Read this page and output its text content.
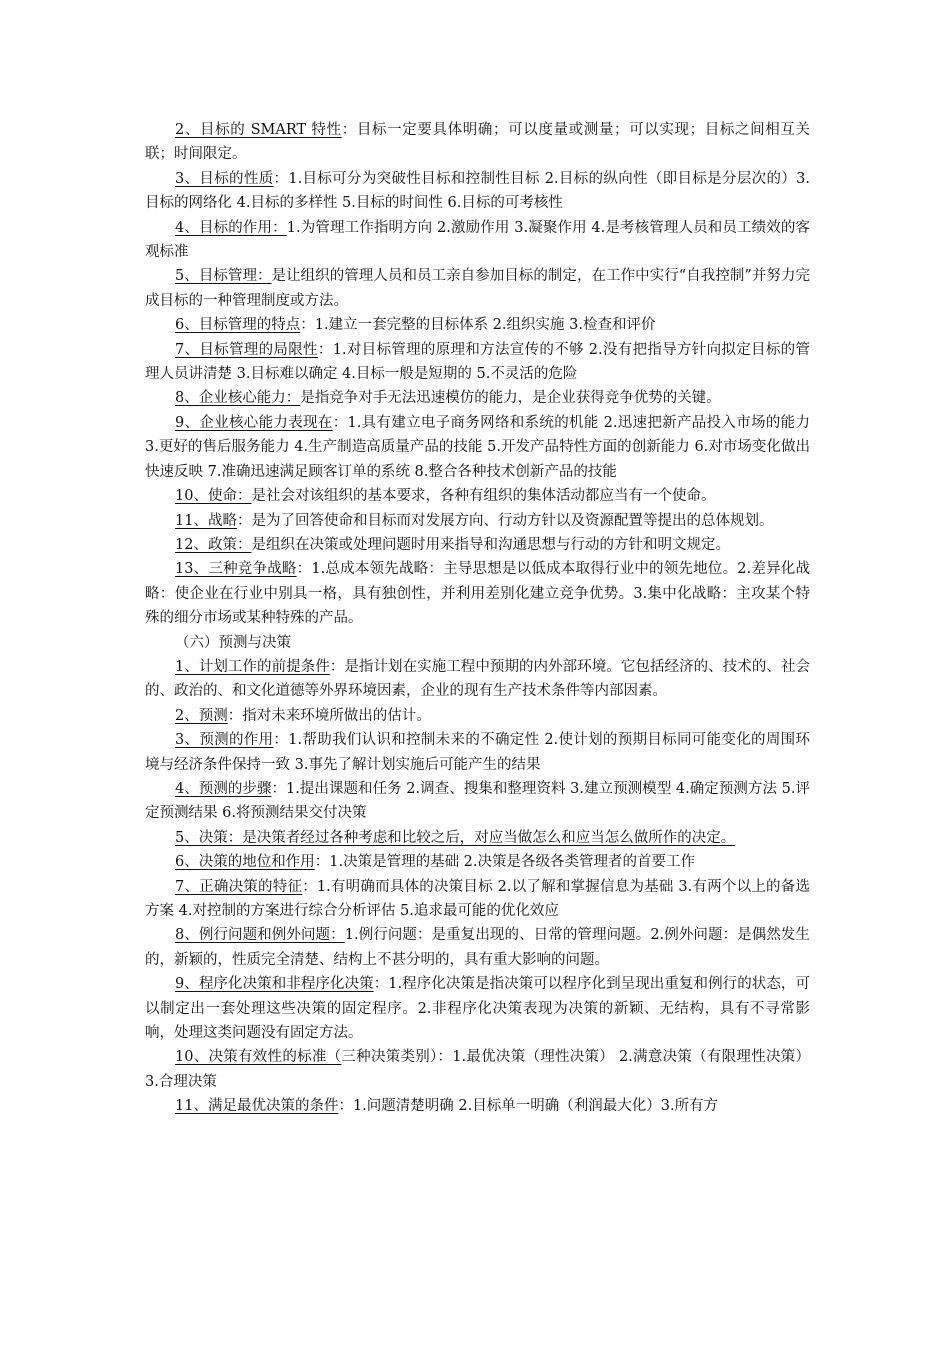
2、目标的 SMART 特性：目标一定要具体明确；可以度量或测量；可以实现；目标之间相互关联；时间限定。

3、目标的性质：1.目标可分为突破性目标和控制性目标 2.目标的纵向性（即目标是分层次的）3.目标的网络化 4.目标的多样性 5.目标的时间性 6.目标的可考核性

4、目标的作用：1.为管理工作指明方向 2.激励作用 3.凝聚作用 4.是考核管理人员和员工绩效的客观标准

5、目标管理：是让组织的管理人员和员工亲自参加目标的制定，在工作中实行“自我控制”并努力完成目标的一种管理制度或方法。

6、目标管理的特点：1.建立一套完整的目标体系 2.组织实施 3.检查和评价

7、目标管理的局限性：1.对目标管理的原理和方法宣传的不够 2.没有把指导方针向拟定目标的管理人员讲清楚 3.目标难以确定 4.目标一般是短期的 5.不灵活的危险

8、企业核心能力：是指竞争对手无法迅速模仿的能力，是企业获得竞争优势的关键。

9、企业核心能力表现在：1.具有建立电子商务网络和系统的机能 2.迅速把新产品投入市场的能力 3.更好的售后服务能力 4.生产制造高质量产品的技能 5.开发产品特性方面的创新能力 6.对市场变化做出快速反映 7.准确迅速满足顾客订单的系统 8.整合各种技术创新产品的技能

10、使命：是社会对该组织的基本要求，各种有组织的集体活动都应当有一个使命。

11、战略：是为了回答使命和目标而对发展方向、行动方针以及资源配置等提出的总体规划。

12、政策：是组织在决策或处理问题时用来指导和沟通思想与行动的方针和明文规定。

13、三种竞争战略：1.总成本领先战略：主导思想是以低成本取得行业中的领先地位。2.差异化战略：使企业在行业中别具一格，具有独创性，并利用差别化建立竞争优势。3.集中化战略：主攻某个特殊的细分市场或某种特殊的产品。

（六）预测与决策

1、计划工作的前提条件：是指计划在实施工程中预期的内外部环境。它包括经济的、技术的、社会的、政治的、和文化道德等外界环境因素，企业的现有生产技术条件等内部因素。

2、预测：指对未来环境所做出的估计。

3、预测的作用：1.帮助我们认识和控制未来的不确定性 2.使计划的预期目标同可能变化的周围环境与经济条件保持一致 3.事先了解计划实施后可能产生的结果

4、预测的步骤：1.提出课题和任务 2.调查、搜集和整理资料 3.建立预测模型 4.确定预测方法 5.评定预测结果 6.将预测结果交付决策

5、决策：是决策者经过各种考虑和比较之后，对应当做怎么和应当怎么做所作的决定。

6、决策的地位和作用：1.决策是管理的基础 2.决策是各级各类管理者的首要工作

7、正确决策的特征：1.有明确而具体的决策目标 2.以了解和掌握信息为基础 3.有两个以上的备选方案 4.对控制的方案进行综合分析评估 5.追求最可能的优化效应

8、例行问题和例外问题：1.例行问题：是重复出现的、日常的管理问题。2.例外问题：是偶然发生的，新颖的，性质完全清楚、结构上不甚分明的，具有重大影响的问题。

9、程序化决策和非程序化决策：1.程序化决策是指决策可以程序化到呈现出重复和例行的状态，可以制定出一套处理这些决策的固定程序。2.非程序化决策表现为决策的新颖、无结构，具有不寻常影响，处理这类问题没有固定方法。

10、决策有效性的标准（三种决策类别）：1.最优决策（理性决策） 2.满意决策（有限理性决策）3.合理决策

11、满足最优决策的条件：1.问题清楚明确 2.目标单一明确（利润最大化）3.所有方
